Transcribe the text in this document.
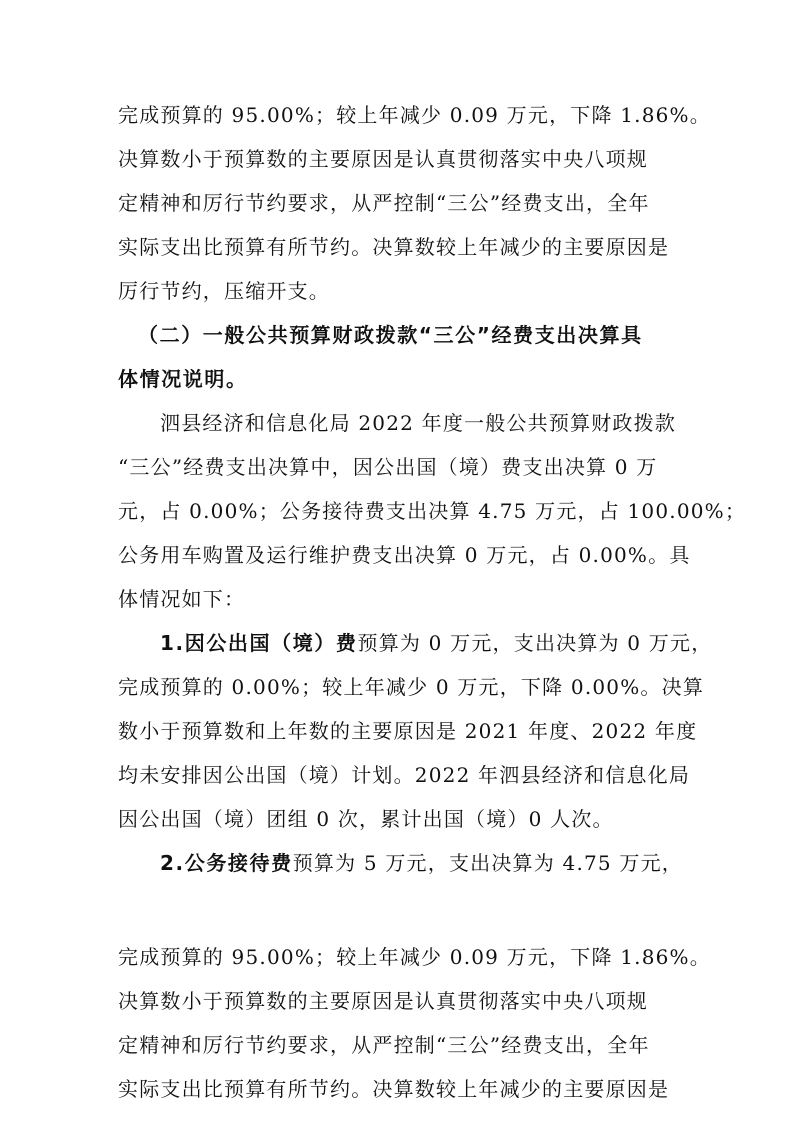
完成预算的 95.00%；较上年减少 0.09 万元，下降 1.86%。
决算数小于预算数的主要原因是认真贯彻落实中央八项规
定精神和厉行节约要求，从严控制“三公”经费支出，全年
实际支出比预算有所节约。决算数较上年减少的主要原因是
厉行节约，压缩开支。
（二）一般公共预算财政拨款“三公”经费支出决算具
体情况说明。
泗县经济和信息化局 2022 年度一般公共预算财政拨款
“三公”经费支出决算中，因公出国（境）费支出决算 0 万
元，占 0.00%；公务接待费支出决算 4.75 万元，占 100.00%；
公务用车购置及运行维护费支出决算 0 万元，占 0.00%。具
体情况如下：
1.因公出国（境）费预算为 0 万元，支出决算为 0 万元，
完成预算的 0.00%；较上年减少 0 万元，下降 0.00%。决算
数小于预算数和上年数的主要原因是 2021 年度、2022 年度
均未安排因公出国（境）计划。2022 年泗县经济和信息化局
因公出国（境）团组 0 次，累计出国（境）0 人次。
2.公务接待费预算为 5 万元，支出决算为 4.75 万元，
完成预算的 95.00%；较上年减少 0.09 万元，下降 1.86%。
决算数小于预算数的主要原因是认真贯彻落实中央八项规
定精神和厉行节约要求，从严控制“三公”经费支出，全年
实际支出比预算有所节约。决算数较上年减少的主要原因是
